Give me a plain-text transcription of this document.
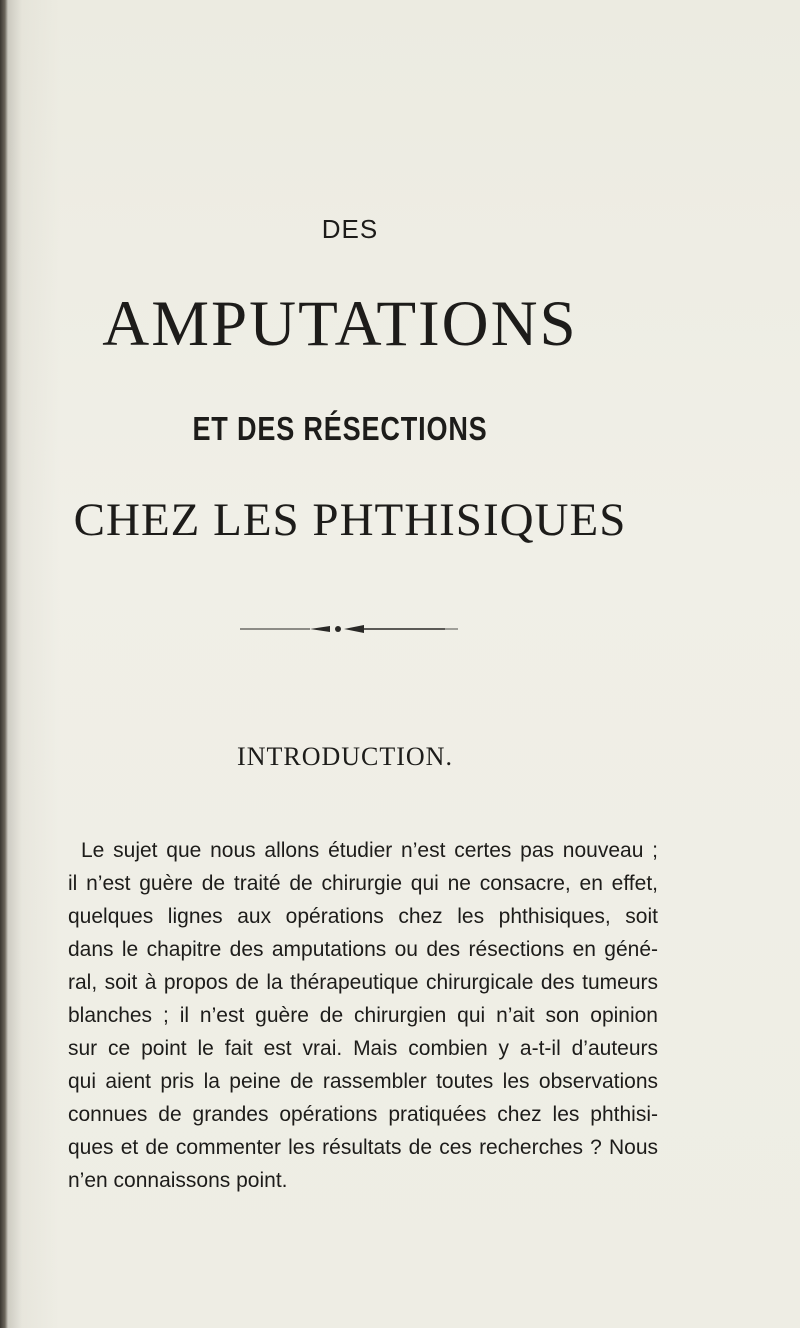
DES
AMPUTATIONS
ET DES RÉSECTIONS
CHEZ LES PHTHISIQUES
INTRODUCTION.
Le sujet que nous allons étudier n’est certes pas nouveau ;
il n’est guère de traité de chirurgie qui ne consacre, en effet,
quelques lignes aux opérations chez les phthisiques, soit
dans le chapitre des amputations ou des résections en géné-
ral, soit à propos de la thérapeutique chirurgicale des tumeurs
blanches ; il n’est guère de chirurgien qui n’ait son opinion
sur ce point le fait est vrai. Mais combien y a-t-il d’auteurs
qui aient pris la peine de rassembler toutes les observations
connues de grandes opérations pratiquées chez les phthisi-
ques et de commenter les résultats de ces recherches ? Nous
n’en connaissons point.
